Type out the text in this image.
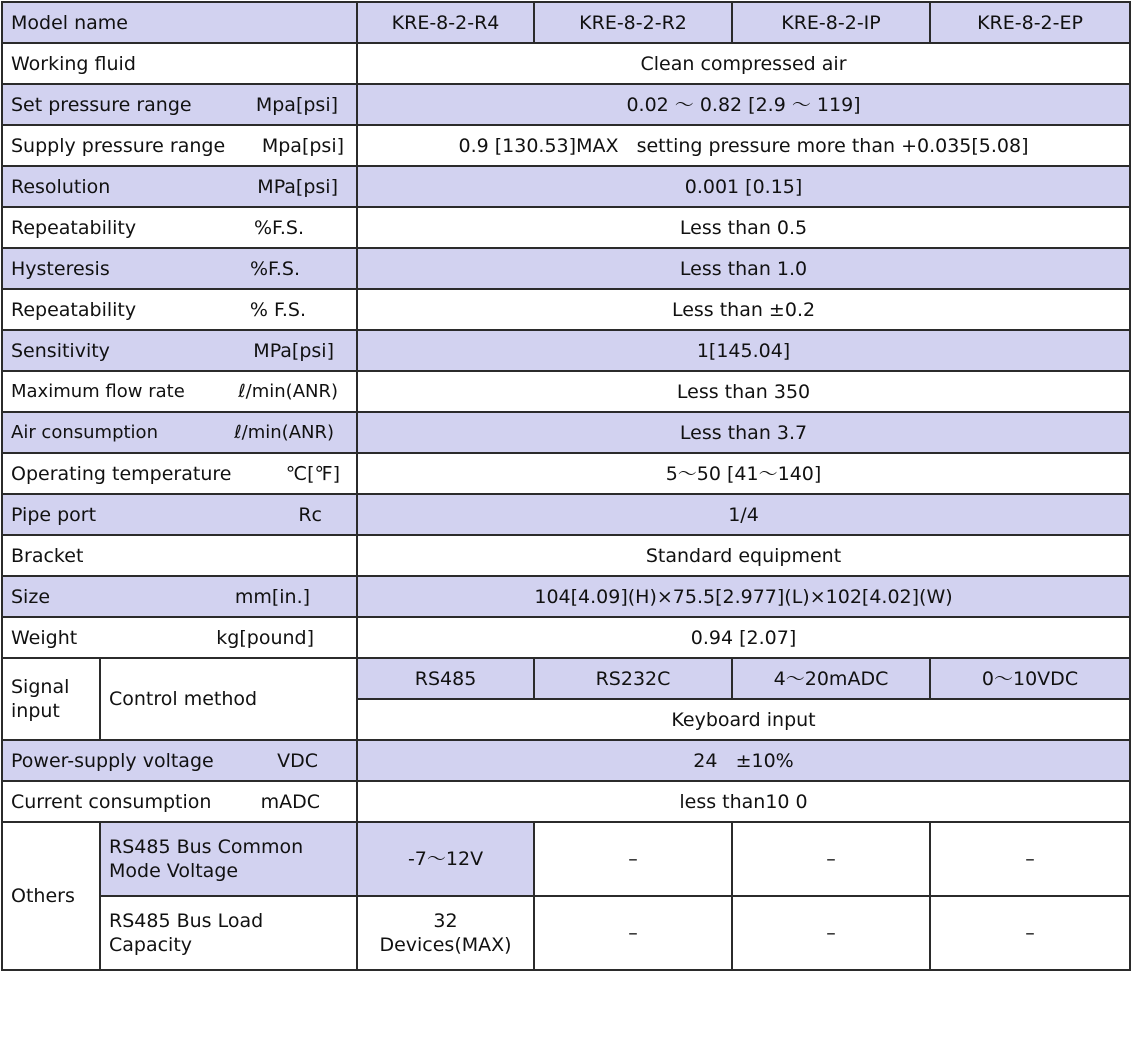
Model name		KRE-8-2-R4	KRE-8-2-R2	KRE-8-2-IP	KRE-8-2-EP
Working fluid		Clean compressed air			

Set pressure range Mpa[psi]		0.02 ～ 0.82 [2.9 ～ 119]			

Supply pressure range Mpa[psi]		0.9 [130.53]MAX   setting pressure more than +0.035[5.08]			

Resolution MPa[psi]		0.001 [0.15]			

Repeatability %F.S.		Less than 0.5			

Hysteresis %F.S.		Less than 1.0			

Repeatability % F.S.		Less than ±0.2			

Sensitivity MPa[psi]		1[145.04]			

Maximum flow rate ℓ/min(ANR)		Less than 350			

Air consumption ℓ/min(ANR)		Less than 3.7			

Operating temperature ℃[℉]		5～50 [41～140]			

Pipe port Rc		1/4			
Bracket		Standard equipment			

Size mm[in.]		104[4.09](H)×75.5[2.977](L)×102[4.02](W)			

Weight kg[pound]		0.94 [2.07]			

Signal input	Control method	RS485	RS232C	4～20mADC	0～10VDC
		Keyboard input			

Power-supply voltage VDC		24   ±10%			

Current consumption mADC		less than10 0			
Others	RS485 Bus Common Mode Voltage	-7～12V	–	–	–
	RS485 Bus Load Capacity	32 Devices(MAX)	–	–	–
